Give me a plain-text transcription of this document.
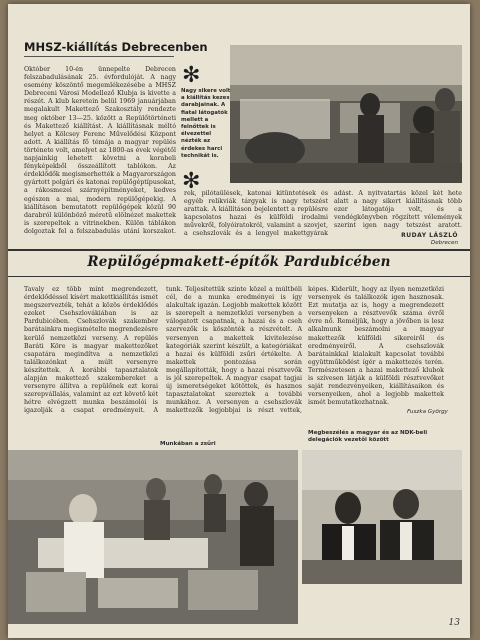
MHSZ-kiállítás Debrecenben
✻

Nagy sikere volt a kiállítás kezes darabjainak. A fiatal látogatók mellett a felnőttek is élvezettel nézték az érdekes harci technikát is.

✻

Október 10-én ünnepelte Debrecen felszabadulásának 25. évfordulóját. A nagy esemény köszöntő megemlékezésébe a MHSZ Debreceni Városi Modellező Klubja is kivette a részét. A klub keretein belül 1969 januárjában megalakult Makettező Szakosztály rendezte meg október 13—25. között a Repülőtörténeti és Makettező kiállítást. A kiállításnak méltó helyet a Kölcsey Ferenc Művelődési Központ adott. A kiállítás fő témája a magyar repülés története volt, amelyet az 1800-as évek végétől napjainkig lehetett követni a korabeli fényképekből összeállított tablókon. Az érdeklődők megismerhették a Magyarországon gyártott polgári és katonai repülőgéptípusokat, a rákosmezei szárnyépítményeket, kedves egészen a mai, modern repülőgépekig. A kiállításon bemutatott repülőgépek közül 90 darabról különböző méretű elölnézet makettek is szerepeltek a vitrinekben. Külön táblákon dolgoztak fel a felszabadulás utáni korszakot.

rek, pilótaülések, katonai kitüntetések és egyéb relikviák tárgyak is nagy tetszést arattak. A kiállításon bejelentett a repülésre kapcsolatos hazai és külföldi irodalmi művekről, folyóiratokról, valamint a szovjet, a csehszlovák és a lengyel makettgyárak

adást. A nyitvatartás közel két hete alatt a nagy sikert kiállításnak több ezer látogatója volt, és a vendégkönyvben rögzített vélemények szerint igen nagy tetszést aratott.

RUDAY LÁSZLÓ
Debrecen
Repülőgépmakett-építők Pardubicében

Tavaly ez több mint megrendezett, érdeklődéssel kísért makettkiállítás ismét megszervezték, tehát a közös érdeklődés ezeket Csehszlovákiában is az Pardubicében. Csehszlovák szakember barátainkra megismételte megrendezésre kerülő nemzetközi verseny. A repülés Baráti Köre is magyar makettezőket csapatára megindítva a nemzetközi találkozónkat a múlt versenyre készítettek. A korábbi tapasztalatok alapján makettező szakembereket a versenyre állítva a repülőnek ezt korai szerepvállalás, valamint az ezt követő két hétre elvégzett munka beszámolói is igazolják a csapat eredményeit. A

tunk. Teljesítettük szinte közel a múltbéli cél, de a munka eredményei is így alakultak igazán. Legjobb makettek között is szerepelt a nemzetközi versenyben a válogatott csapatnak, a hazai és a cseh szervezők is köszönték a részvételt. A versenyen a makettek kivitelezése kategóriák szerint készült, a kategóriákat a hazai és külföldi zsűri értékelte. A makettek pontozása során megállapították, hogy a hazai résztvevők is jól szerepeltek. A magyar csapat tagjai új ismeretségeket kötöttek, és hasznos tapasztalatokat szereztek a további munkához. A versenyen a csehszlovák makettezők legjobbjai is részt vettek,

képes. Kiderült, hogy az ilyen nemzetközi versenyek és találkozók igen hasznosak. Ezt mutatja az is, hogy a megrendezett versenyeken a résztvevők száma évről évre nő. Reméljük, hogy a jövőben is lesz alkalmunk beszámolni a magyar makettezők külföldi sikereiről és eredményeiről. A csehszlovák barátainkkal kialakult kapcsolat további együttműködést ígér a makettezés terén. Természetesen a hazai makettező klubok is szívesen látják a külföldi résztvevőket saját rendezvényeiken, kiállításaikon és versenyeiken, ahol a legjobb makettek ismét bemutatkozhatnak.

Fuszka György

Munkában a zsűri

Megbeszélés a magyar és az NDK-beli delegációk vezetői között

13
